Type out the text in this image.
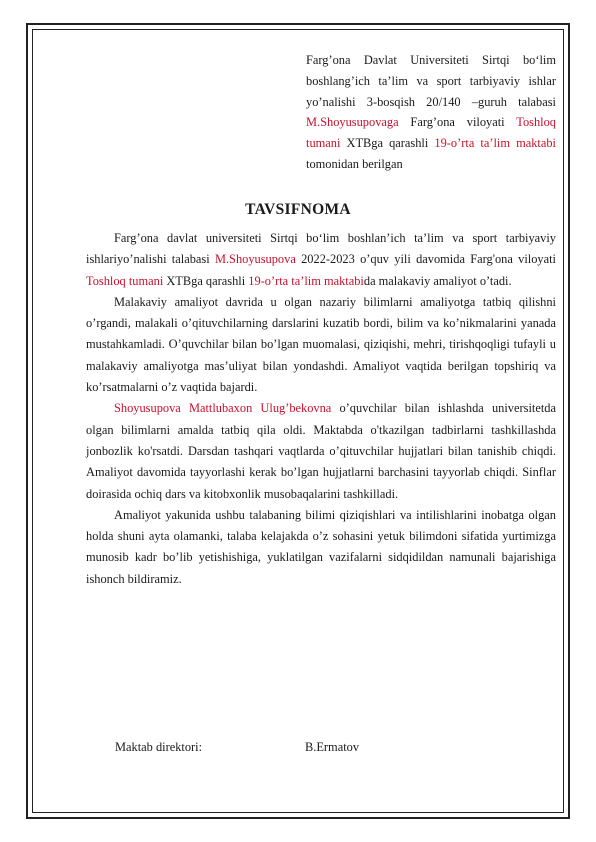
Farg’ona Davlat Universiteti Sirtqi bo‘lim boshlang’ich ta’lim va sport tarbiyaviy ishlar yo’nalishi 3-bosqish 20/140 –guruh talabasi M.Shoyusupovaga Farg’ona viloyati Toshloq tumani XTBga qarashli 19-o’rta ta’lim maktabi tomonidan berilgan
TAVSIFNOMA

Farg’ona davlat universiteti Sirtqi bo‘lim boshlan’ich ta’lim va sport tarbiyaviy ishlariyo’nalishi talabasi M.Shoyusupova 2022-2023 o’quv yili davomida Farg'ona viloyati Toshloq tumani XTBga qarashli 19-o’rta ta’lim maktabida malakaviy amaliyot o’tadi.

Malakaviy amaliyot davrida u olgan nazariy bilimlarni amaliyotga tatbiq qilishni o’rgandi, malakali o’qituvchilarning darslarini kuzatib bordi, bilim va ko’nikmalarini yanada mustahkamladi. O’quvchilar bilan bo’lgan muomalasi, qiziqishi, mehri, tirishqoqligi tufayli u malakaviy amaliyotga mas’uliyat bilan yondashdi. Amaliyot vaqtida berilgan topshiriq va ko’rsatmalarni o’z vaqtida bajardi.

Shoyusupova Mattlubaxon Ulug’bekovna o’quvchilar bilan ishlashda universitetda olgan bilimlarni amalda tatbiq qila oldi. Maktabda o'tkazilgan tadbirlarni tashkillashda jonbozlik ko'rsatdi. Darsdan tashqari vaqtlarda o’qituvchilar hujjatlari bilan tanishib chiqdi. Amaliyot davomida tayyorlashi kerak bo’lgan hujjatlarni barchasini tayyorlab chiqdi. Sinflar doirasida ochiq dars va kitobxonlik musobaqalarini tashkilladi.

Amaliyot yakunida ushbu talabaning bilimi qiziqishlari va intilishlarini inobatga olgan holda shuni ayta olamanki, talaba kelajakda o’z sohasini yetuk bilimdoni sifatida yurtimizga munosib kadr bo’lib yetishishiga, yuklatilgan vazifalarni sidqidildan namunali bajarishiga ishonch bildiramiz.

Maktab direktori:	B.Ermatov
